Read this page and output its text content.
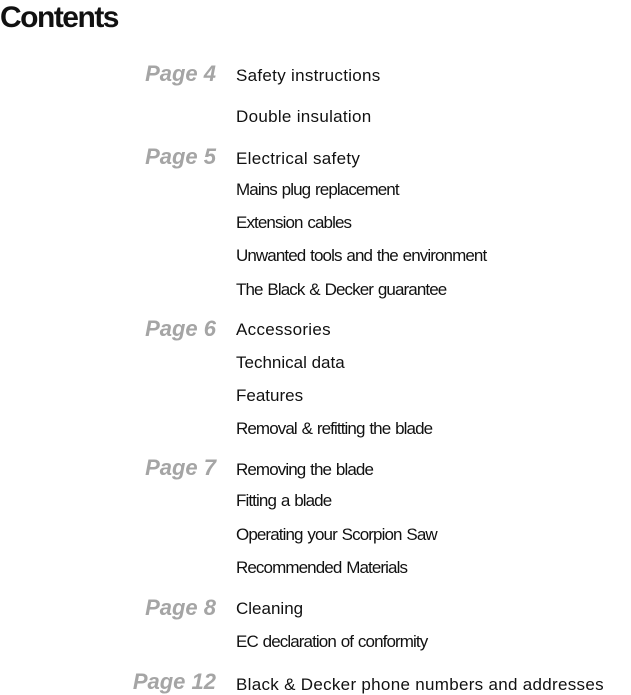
Contents
Page 4 Safety instructions
Double insulation
Page 5 Electrical safety
Mains plug replacement
Extension cables
Unwanted tools and the environment
The Black & Decker guarantee
Page 6 Accessories
Technical data
Features
Removal & refitting the blade
Page 7 Removing the blade
Fitting a blade
Operating your Scorpion Saw
Recommended Materials
Page 8 Cleaning
EC declaration of conformity
Page 12 Black & Decker phone numbers and addresses
